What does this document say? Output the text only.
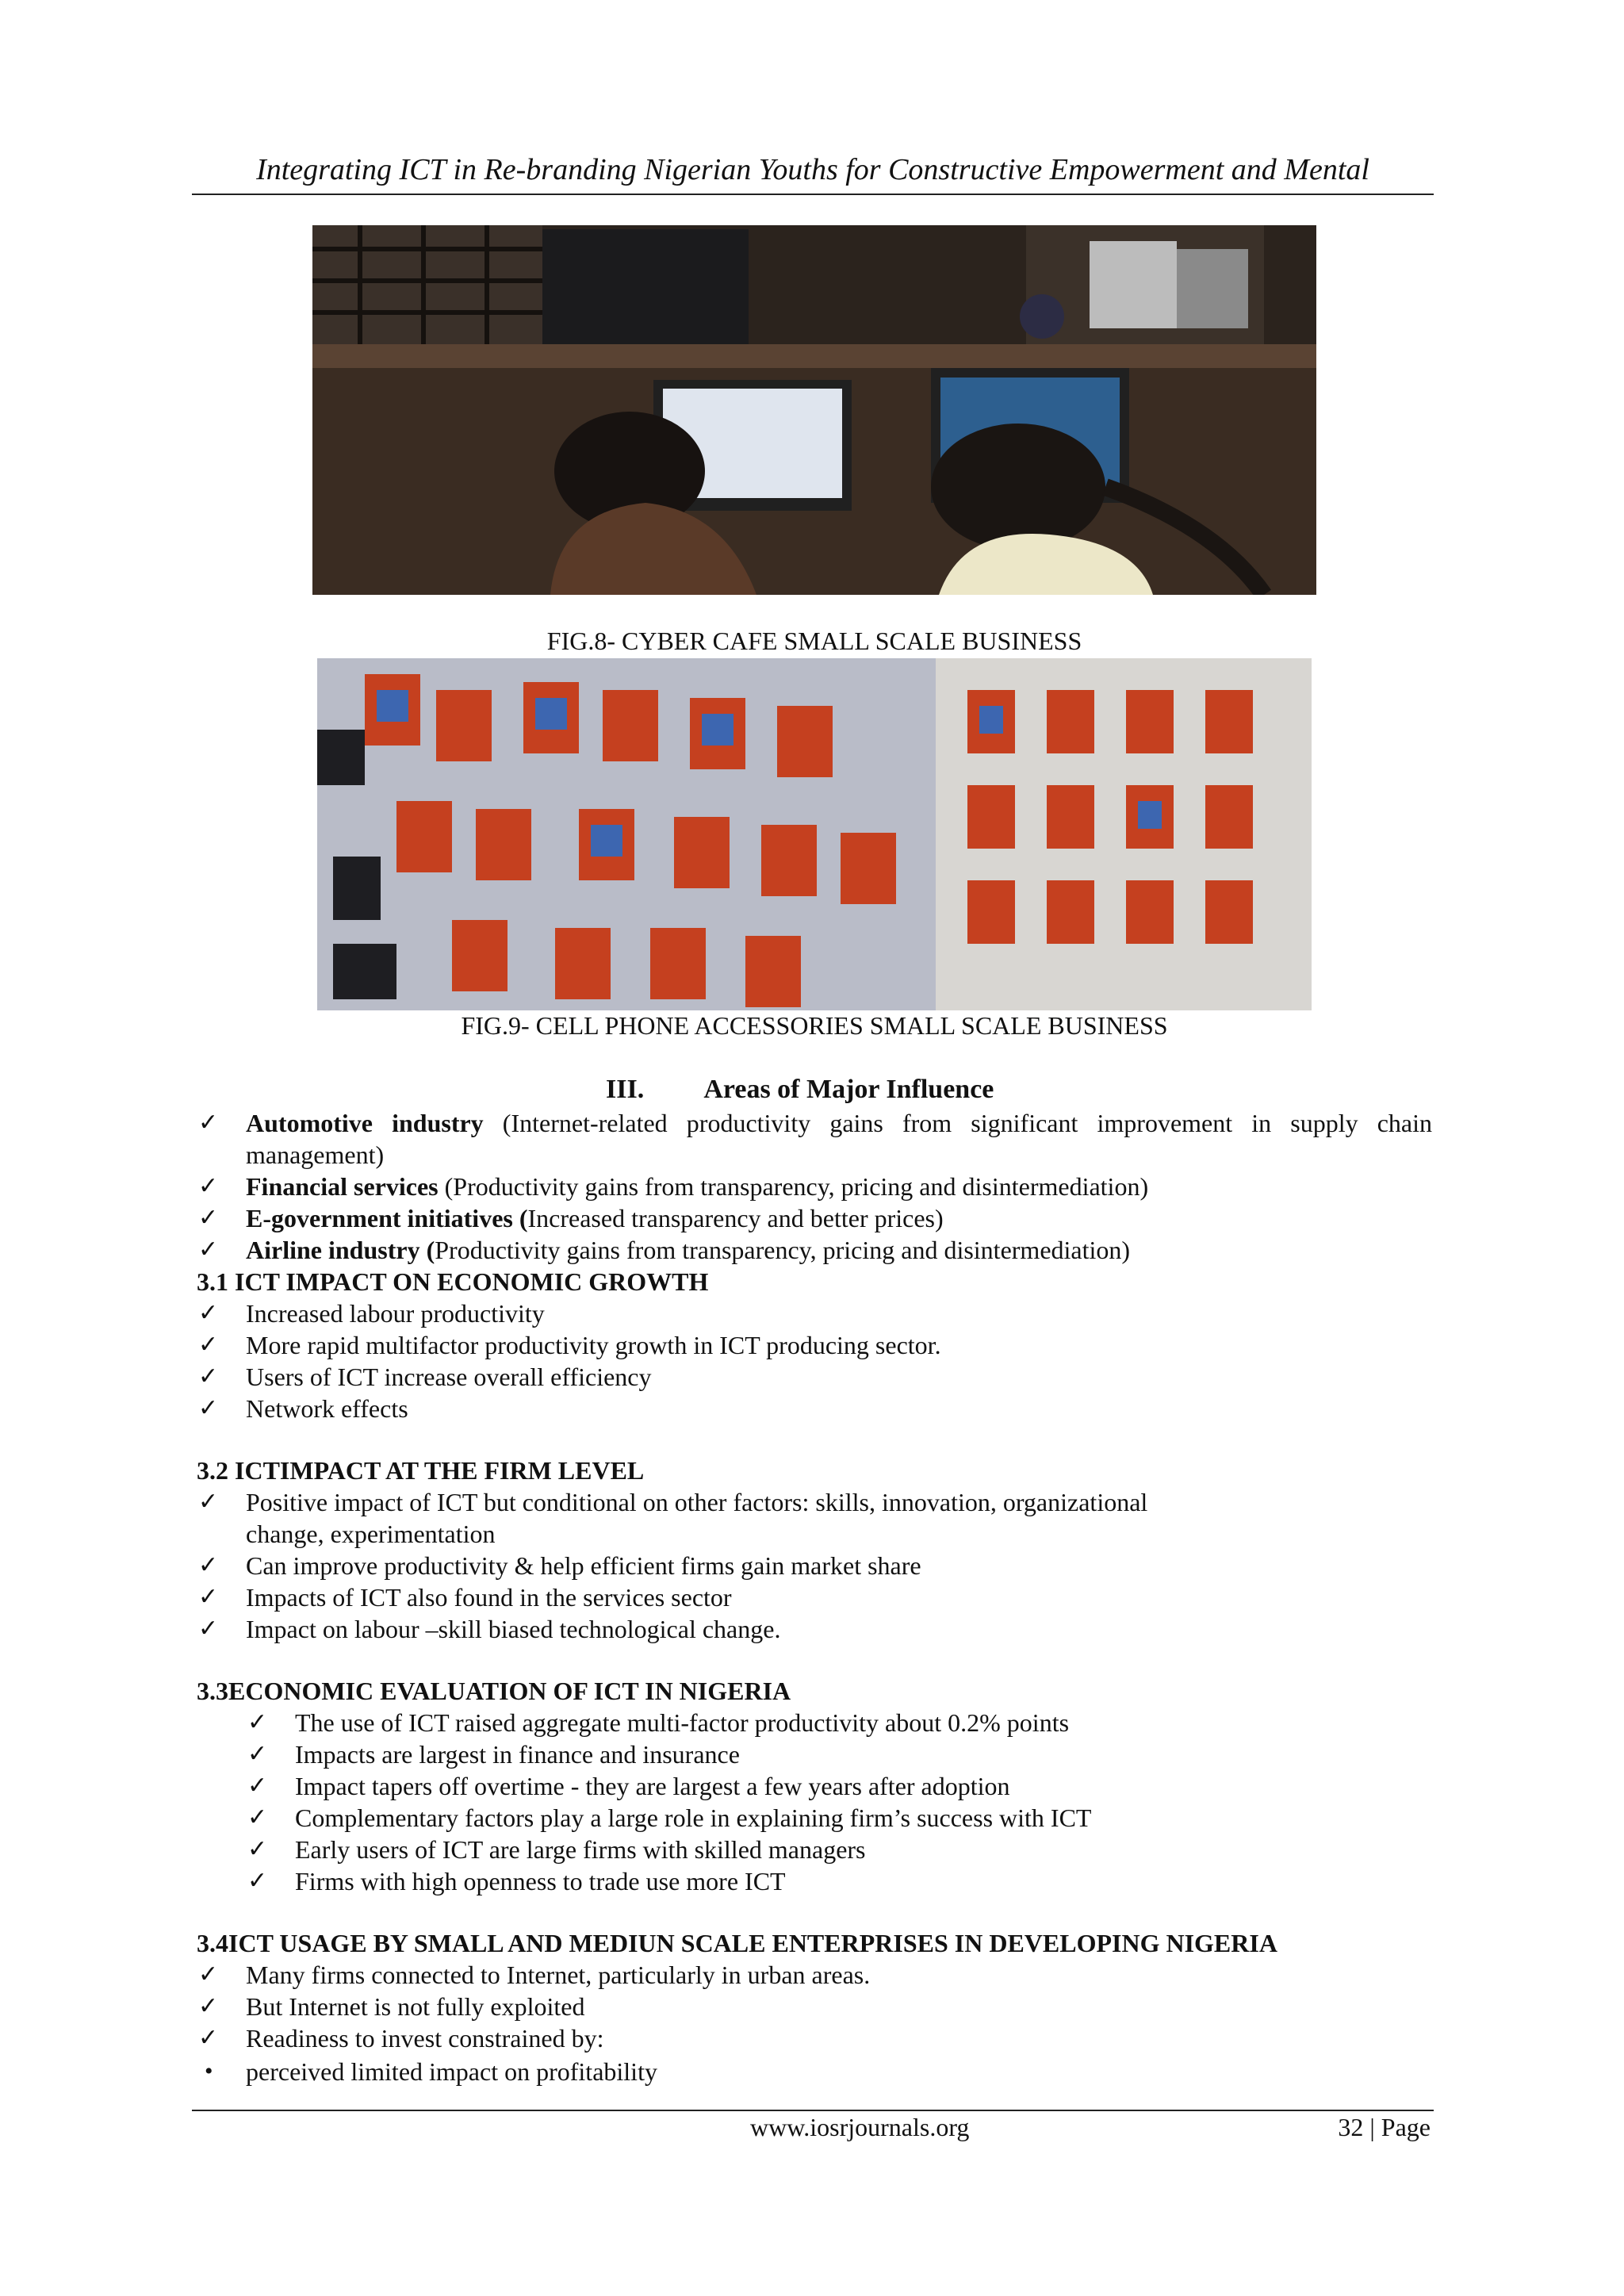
Integrating ICT in Re-branding Nigerian Youths for Constructive Empowerment and Mental
FIG.8- CYBER CAFE SMALL SCALE BUSINESS
FIG.9- CELL PHONE ACCESSORIES SMALL SCALE BUSINESS
III. Areas of Major Influence
✓ Automotive industry (Internet-related productivity gains from significant improvement in supply chain
management)
✓ Financial services (Productivity gains from transparency, pricing and disintermediation)
✓ E-government initiatives (Increased transparency and better prices)
✓ Airline industry (Productivity gains from transparency, pricing and disintermediation)
3.1 ICT IMPACT ON ECONOMIC GROWTH
✓ Increased labour productivity
✓ More rapid multifactor productivity growth in ICT producing sector.
✓ Users of ICT increase overall efficiency
✓ Network effects
3.2 ICTIMPACT AT THE FIRM LEVEL
✓ Positive impact of ICT but conditional on other factors: skills, innovation, organizational
change, experimentation
✓ Can improve productivity & help efficient firms gain market share
✓ Impacts of ICT also found in the services sector
✓ Impact on labour –skill biased technological change.
3.3ECONOMIC EVALUATION OF ICT IN NIGERIA
✓ The use of ICT raised aggregate multi-factor productivity about 0.2% points
✓ Impacts are largest in finance and insurance
✓ Impact tapers off overtime - they are largest a few years after adoption
✓ Complementary factors play a large role in explaining firm’s success with ICT
✓ Early users of ICT are large firms with skilled managers
✓ Firms with high openness to trade use more ICT
3.4ICT USAGE BY SMALL AND MEDIUN SCALE ENTERPRISES IN DEVELOPING NIGERIA
✓ Many firms connected to Internet, particularly in urban areas.
✓ But Internet is not fully exploited
✓ Readiness to invest constrained by:
• perceived limited impact on profitability
www.iosrjournals.org	32 | Page
